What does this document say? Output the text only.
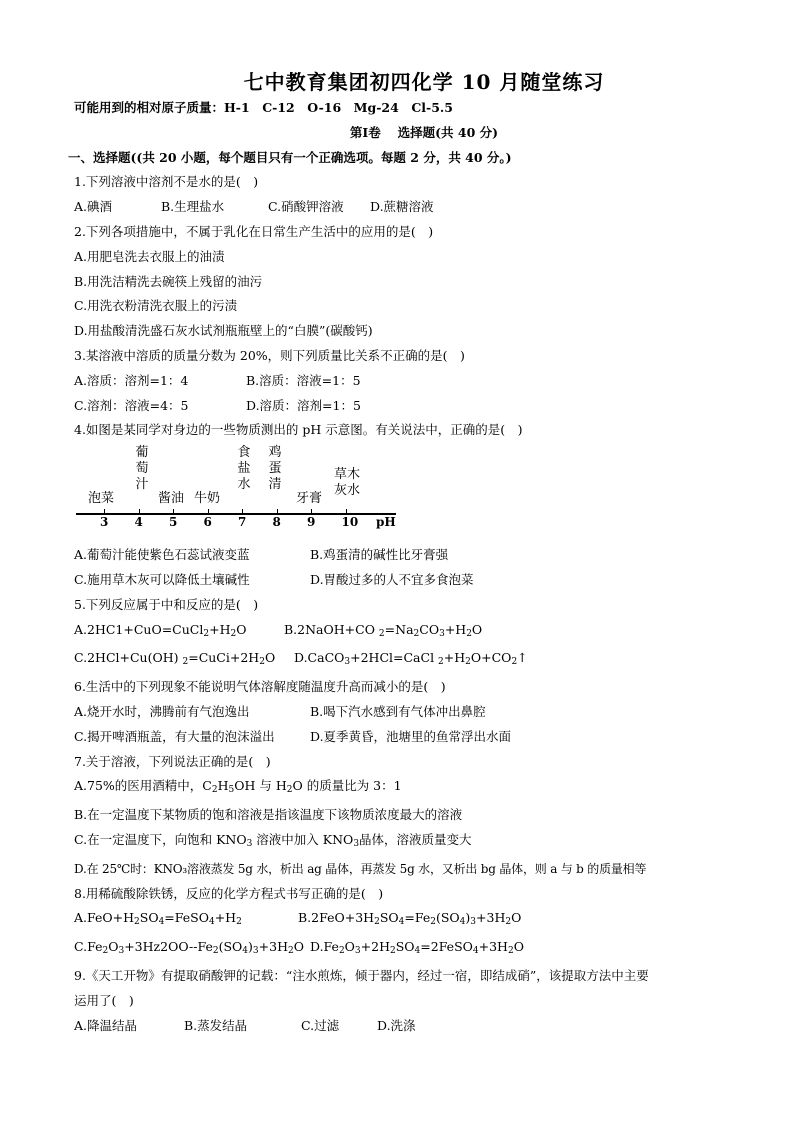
七中教育集团初四化学 10 月随堂练习
可能用到的相对原子质量：H-1　C-12　O-16　Mg-24　Cl-5.5
第Ⅰ卷　 选择题(共 40 分)
一、选择题((共 20 小题，每个题目只有一个正确选项。每题 2 分，共 40 分。)
1.下列溶液中溶剂不是水的是(　)
A.碘酒	B.生理盐水	C.硝酸钾溶液	D.蔗糖溶液
2.下列各项措施中，不属于乳化在日常生产生活中的应用的是(　)
A.用肥皂洗去衣服上的油渍
B.用洗洁精洗去碗筷上残留的油污
C.用洗衣粉清洗衣服上的污渍
D.用盐酸清洗盛石灰水试剂瓶瓶壁上的“白膜”(碳酸钙)
3.某溶液中溶质的质量分数为 20%，则下列质量比关系不正确的是(　)
A.溶质：溶剂=1：4	B.溶质：溶液=1：5
C.溶剂：溶液=4：5	D.溶质：溶剂=1：5
4.如图是某同学对身边的一些物质测出的 pH 示意图。有关说法中，正确的是(　)
泡菜
葡
萄
汁
酱油 牛奶
食
盐
水
鸡
蛋
清
牙膏
草木
灰水
3 4 5 6 7 8 9 10 pH
A.葡萄汁能使紫色石蕊试液变蓝	B.鸡蛋清的碱性比牙膏强
C.施用草木灰可以降低土壤碱性	D.胃酸过多的人不宜多食泡菜
5.下列反应属于中和反应的是(　)
$A.2HC1+CuO=CuCl_2+H_2O$	B.2NaOH+CO $_2=Na_2CO_3+H_2O$
C.2HCl+Cu(OH) $_2=CuCi+2H_2O$	D.CaCO$_3$+2HCl=CaCl $_2+H_2O+CO_2↑$
6.生活中的下列现象不能说明气体溶解度随温度升高而减小的是(　)
A.烧开水时，沸腾前有气泡逸出	B.喝下汽水感到有气体冲出鼻腔
C.揭开啤酒瓶盖，有大量的泡沫溢出	D.夏季黄昏，池塘里的鱼常浮出水面
7.关于溶液，下列说法正确的是(　)
A.75%的医用酒精中，$C_2H_5OH$ 与 $H_2O$ 的质量比为 3：1
B.在一定温度下某物质的饱和溶液是指该温度下该物质浓度最大的溶液
C.在一定温度下，向饱和 $KNO_3$ 溶液中加入 $KNO_3$晶体，溶液质量变大
D.在 25℃时：KNO₃溶液蒸发 5g 水，析出 ag 晶体，再蒸发 5g 水，又析出 bg 晶体，则 a 与 b 的质量相等
8.用稀硫酸除铁锈，反应的化学方程式书写正确的是(　)
$A.FeO+H_2SO_4=FeSO_4+H_2$	$B.2FeO+3H_2SO_4=Fe_2(SO_4)_3+3H_2O$
$C.Fe_2O_3+3Hz2OO--Fe_2(SO_4)_3+3H_2O$ $D.Fe_2O_3+2H_2SO_4=2FeSO_4+3H_2O$
9.《天工开物》有提取硝酸钾的记载：“注水煎炼，倾于器内，经过一宿，即结成硝”，该提取方法中主要
运用了(　)
A.降温结晶	B.蒸发结晶	C.过滤	D.洗涤
